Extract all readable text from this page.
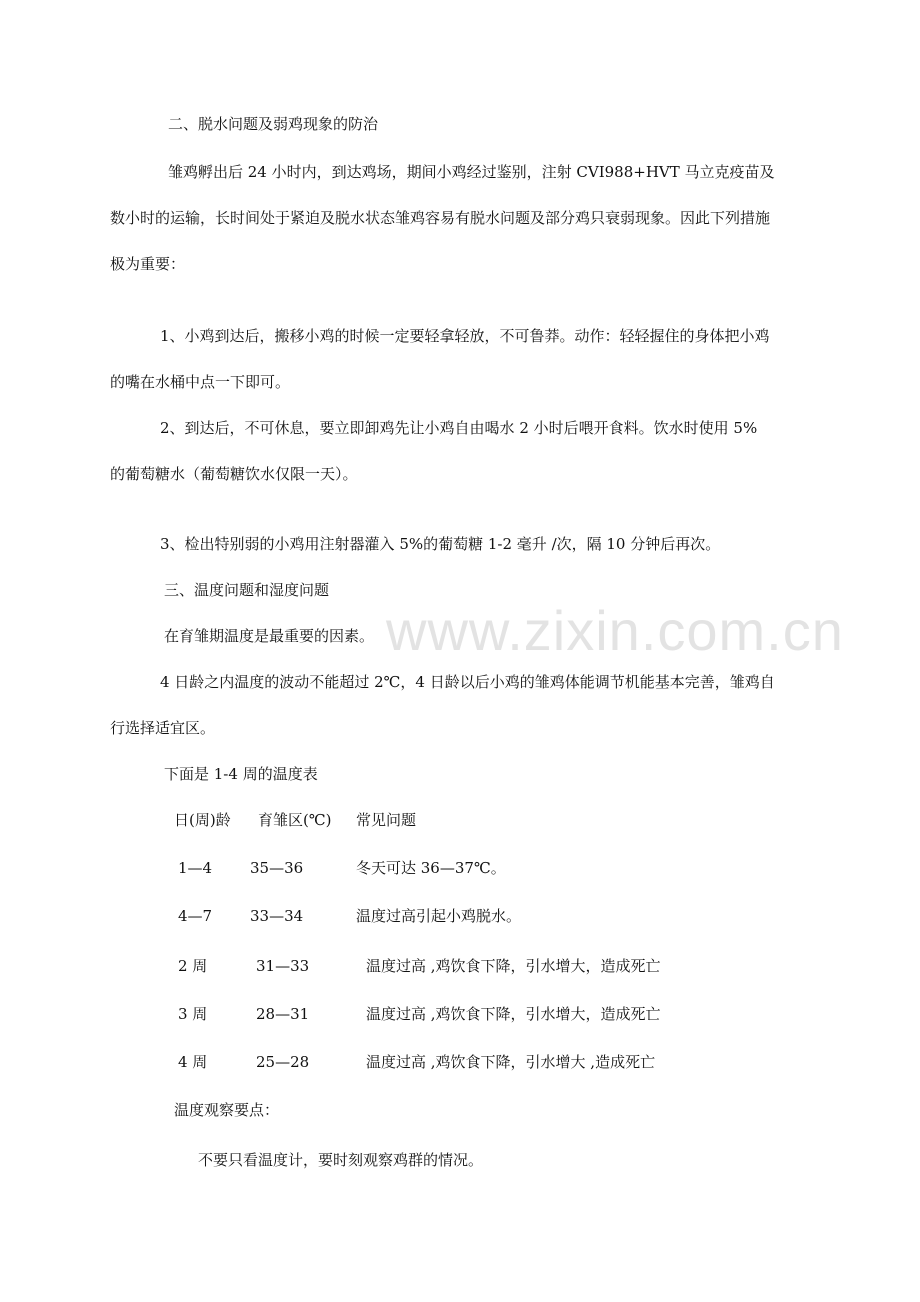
www.zixin.com.cn
二、脱水问题及弱鸡现象的防治
雏鸡孵出后 24 小时内，到达鸡场，期间小鸡经过鉴别，注射 CVI988+HVT 马立克疫苗及
数小时的运输，长时间处于紧迫及脱水状态雏鸡容易有脱水问题及部分鸡只衰弱现象。因此下列措施
极为重要：
1、小鸡到达后，搬移小鸡的时候一定要轻拿轻放，不可鲁莽。动作：轻轻握住的身体把小鸡
的嘴在水桶中点一下即可。
2、到达后，不可休息，要立即卸鸡先让小鸡自由喝水 2 小时后喂开食料。饮水时使用 5%
的葡萄糖水（葡萄糖饮水仅限一天）。
3、检出特别弱的小鸡用注射器灌入 5%的葡萄糖 1-2 毫升 /次，隔 10 分钟后再次。
三、温度问题和湿度问题
在育雏期温度是最重要的因素。
4 日龄之内温度的波动不能超过 2℃，4 日龄以后小鸡的雏鸡体能调节机能基本完善，雏鸡自
行选择适宜区。
下面是 1-4 周的温度表
日(周)龄 育雏区(℃) 常见问题
1—4	35—36	冬天可达 36—37℃。
4—7	33—34	温度过高引起小鸡脱水。
2 周	31—33	温度过高 ,鸡饮食下降，引水增大，造成死亡
3 周	28—31	温度过高 ,鸡饮食下降，引水增大，造成死亡
4 周	25—28	温度过高 ,鸡饮食下降，引水增大 ,造成死亡
温度观察要点：
不要只看温度计，要时刻观察鸡群的情况。
